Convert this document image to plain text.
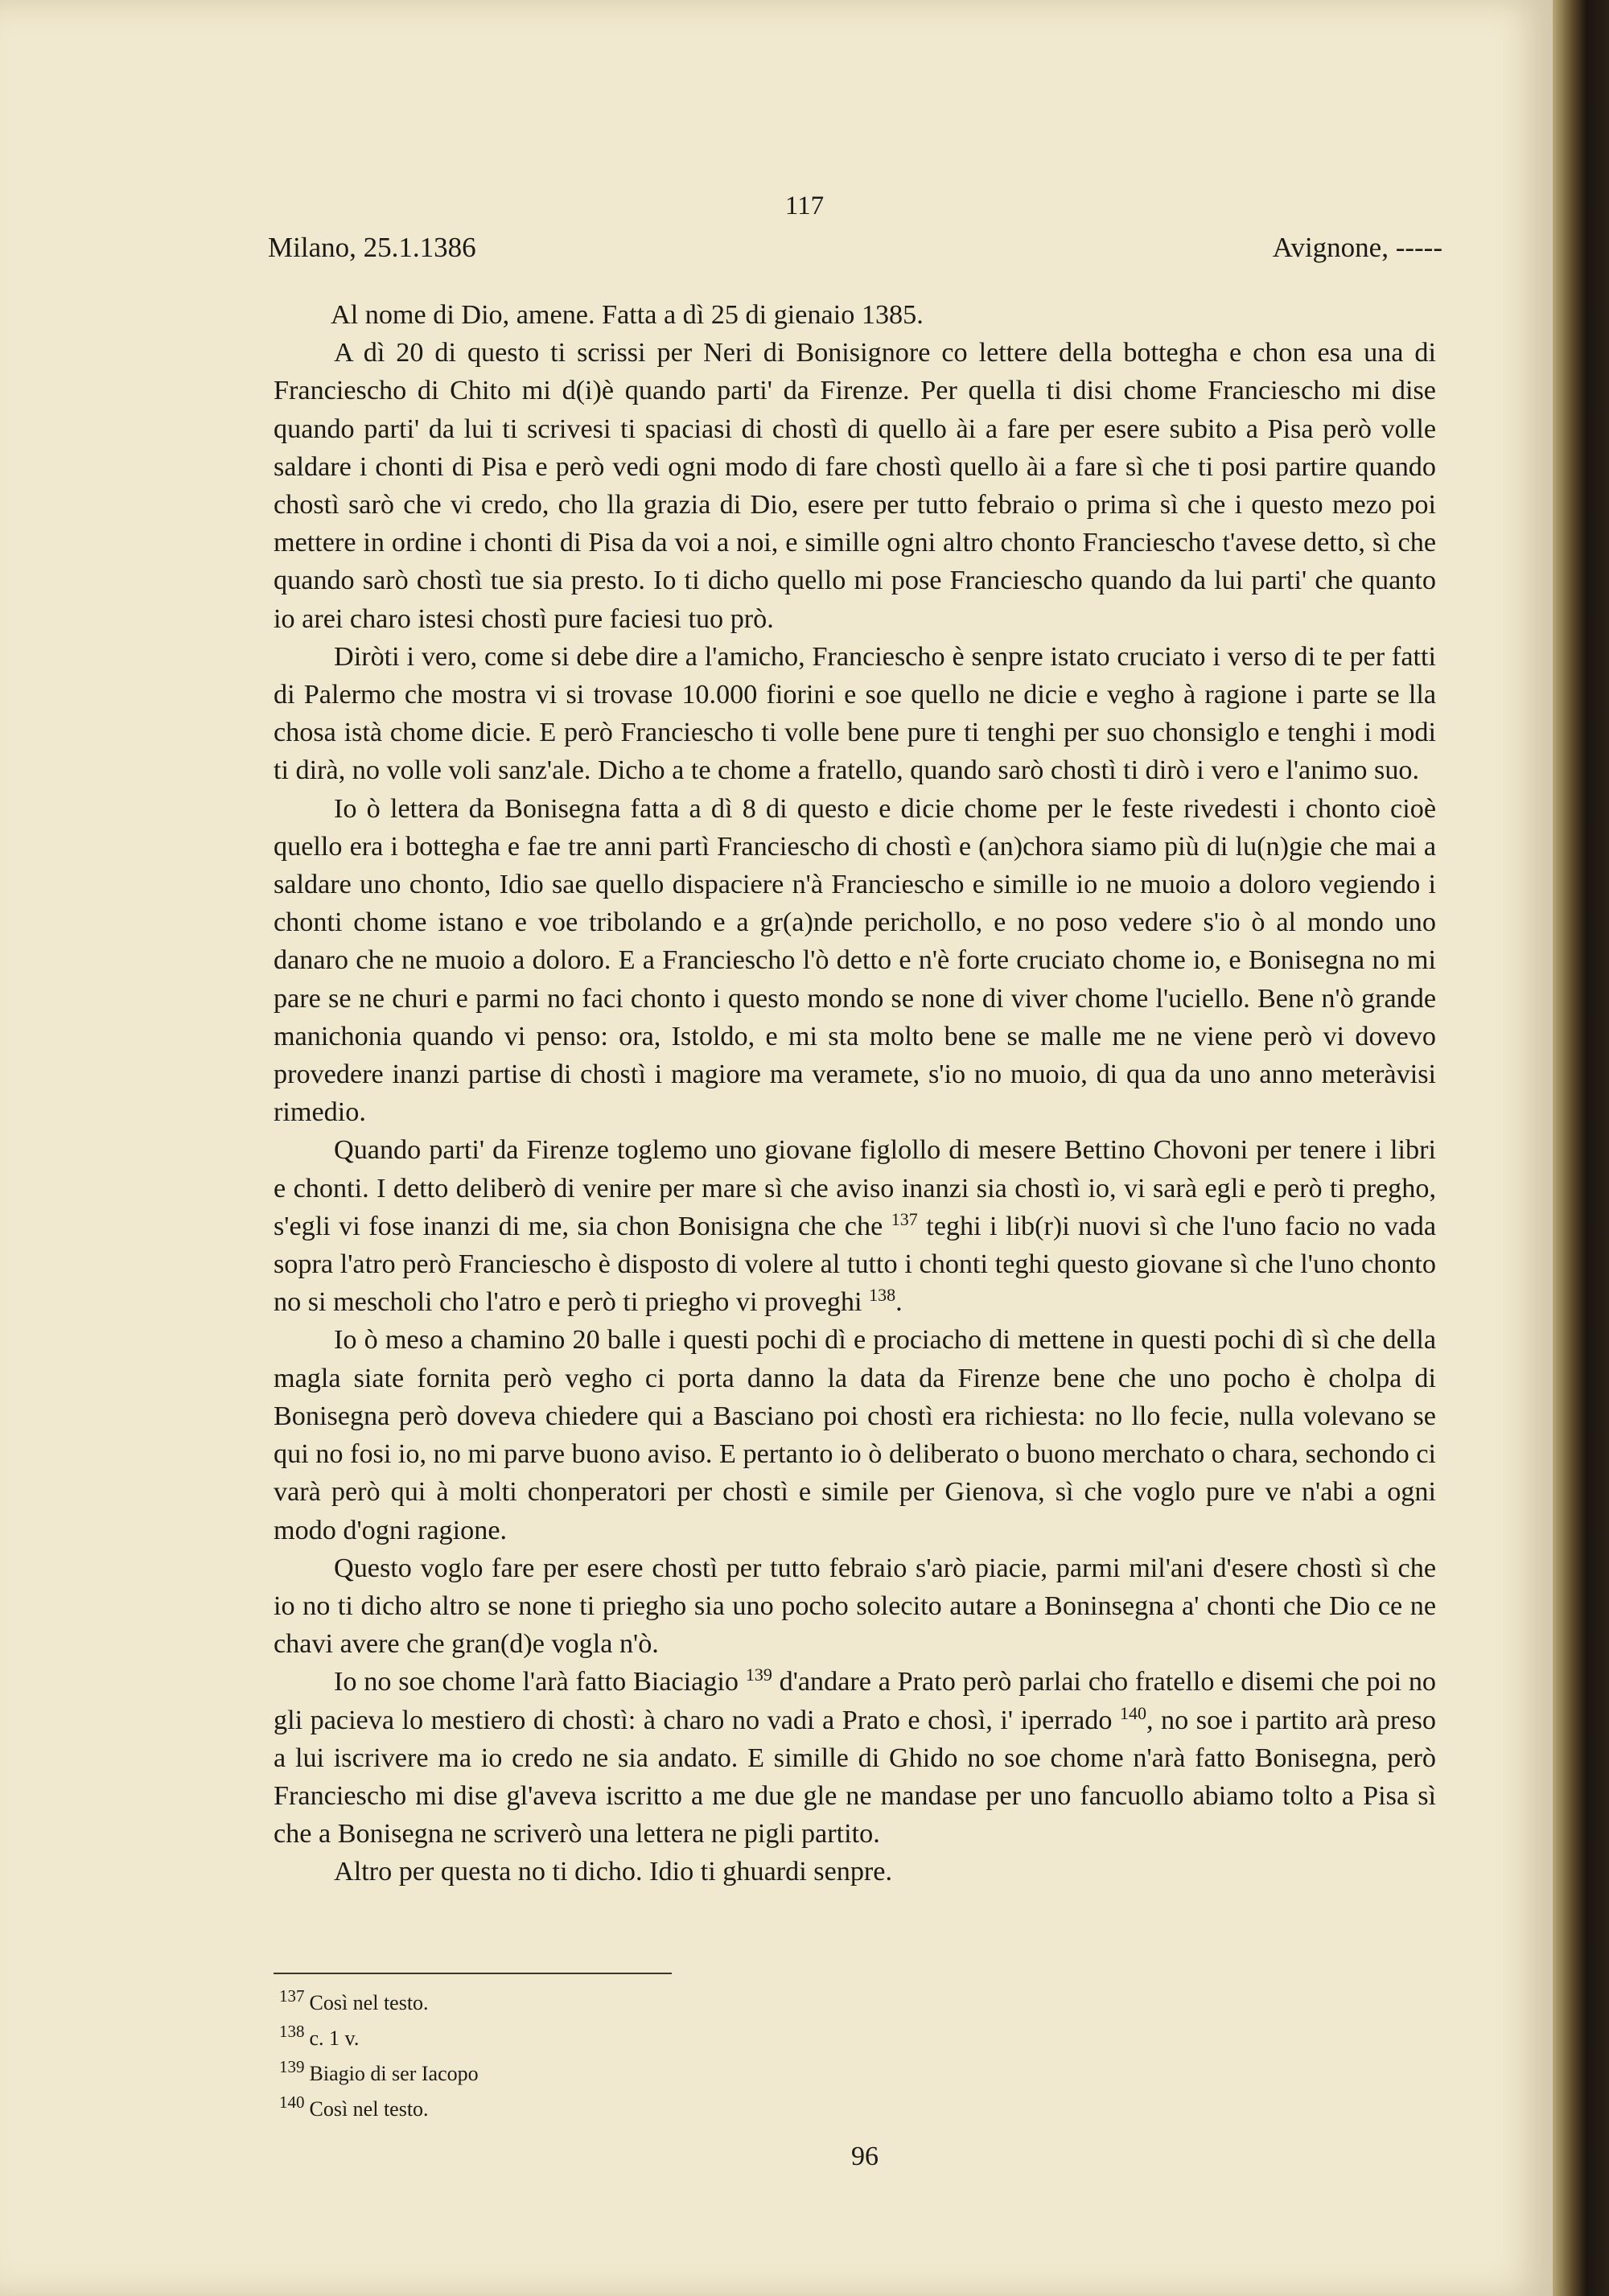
117
Milano, 25.1.1386	Avignone, -----

Al nome di Dio, amene. Fatta a dì 25 di gienaio 1385.

A dì 20 di questo ti scrissi per Neri di Bonisignore co lettere della bottegha e chon esa una di Franciescho di Chito mi d(i)è quando parti' da Firenze. Per quella ti disi chome Franciescho mi dise quando parti' da lui ti scrivesi ti spaciasi di chostì di quello ài a fare per esere subito a Pisa però volle saldare i chonti di Pisa e però vedi ogni modo di fare chostì quello ài a fare sì che ti posi partire quando chostì sarò che vi credo, cho lla grazia di Dio, esere per tutto febraio o prima sì che i questo mezo poi mettere in ordine i chonti di Pisa da voi a noi, e simille ogni altro chonto Franciescho t'avese detto, sì che quando sarò chostì tue sia presto. Io ti dicho quello mi pose Franciescho quando da lui parti' che quanto io arei charo istesi chostì pure faciesi tuo prò.

Diròti i vero, come si debe dire a l'amicho, Franciescho è senpre istato cruciato i verso di te per fatti di Palermo che mostra vi si trovase 10.000 fiorini e soe quello ne dicie e vegho à ragione i parte se lla chosa istà chome dicie. E però Franciescho ti volle bene pure ti tenghi per suo chonsiglo e tenghi i modi ti dirà, no volle voli sanz'ale. Dicho a te chome a fratello, quando sarò chostì ti dirò i vero e l'animo suo.

Io ò lettera da Bonisegna fatta a dì 8 di questo e dicie chome per le feste rivedesti i chonto cioè quello era i bottegha e fae tre anni partì Franciescho di chostì e (an)chora siamo più di lu(n)gie che mai a saldare uno chonto, Idio sae quello dispaciere n'à Franciescho e simille io ne muoio a doloro vegiendo i chonti chome istano e voe tribolando e a gr(a)nde perichollo, e no poso vedere s'io ò al mondo uno danaro che ne muoio a doloro. E a Franciescho l'ò detto e n'è forte cruciato chome io, e Bonisegna no mi pare se ne churi e parmi no faci chonto i questo mondo se none di viver chome l'uciello. Bene n'ò grande manichonia quando vi penso: ora, Istoldo, e mi sta molto bene se malle me ne viene però vi dovevo provedere inanzi partise di chostì i magiore ma veramete, s'io no muoio, di qua da uno anno meteràvisi rimedio.

Quando parti' da Firenze toglemo uno giovane figlollo di mesere Bettino Chovoni per tenere i libri e chonti. I detto deliberò di venire per mare sì che aviso inanzi sia chostì io, vi sarà egli e però ti pregho, s'egli vi fose inanzi di me, sia chon Bonisigna che che $^{137}$ teghi i lib(r)i nuovi sì che l'uno facio no vada sopra l'atro però Franciescho è disposto di volere al tutto i chonti teghi questo giovane sì che l'uno chonto no si mescholi cho l'atro e però ti priegho vi proveghi $^{138}$.

Io ò meso a chamino 20 balle i questi pochi dì e prociacho di mettene in questi pochi dì sì che della magla siate fornita però vegho ci porta danno la data da Firenze bene che uno pocho è cholpa di Bonisegna però doveva chiedere qui a Basciano poi chostì era richiesta: no llo fecie, nulla volevano se qui no fosi io, no mi parve buono aviso. E pertanto io ò deliberato o buono merchato o chara, sechondo ci varà però qui à molti chonperatori per chostì e simile per Gienova, sì che voglo pure ve n'abi a ogni modo d'ogni ragione.

Questo voglo fare per esere chostì per tutto febraio s'arò piacie, parmi mil'ani d'esere chostì sì che io no ti dicho altro se none ti priegho sia uno pocho solecito autare a Boninsegna a' chonti che Dio ce ne chavi avere che gran(d)e vogla n'ò.

Io no soe chome l'arà fatto Biaciagio $^{139}$ d'andare a Prato però parlai cho fratello e disemi che poi no gli pacieva lo mestiero di chostì: à charo no vadi a Prato e chosì, i' iperrado $^{140}$, no soe i partito arà preso a lui iscrivere ma io credo ne sia andato. E simille di Ghido no soe chome n'arà fatto Bonisegna, però Franciescho mi dise gl'aveva iscritto a me due gle ne mandase per uno fancuollo abiamo tolto a Pisa sì che a Bonisegna ne scriverò una lettera ne pigli partito.

Altro per questa no ti dicho. Idio ti ghuardi senpre.

$^{137}$ Così nel testo.
$^{138}$ c. 1 v.
$^{139}$ Biagio di ser Iacopo
$^{140}$ Così nel testo.
96
